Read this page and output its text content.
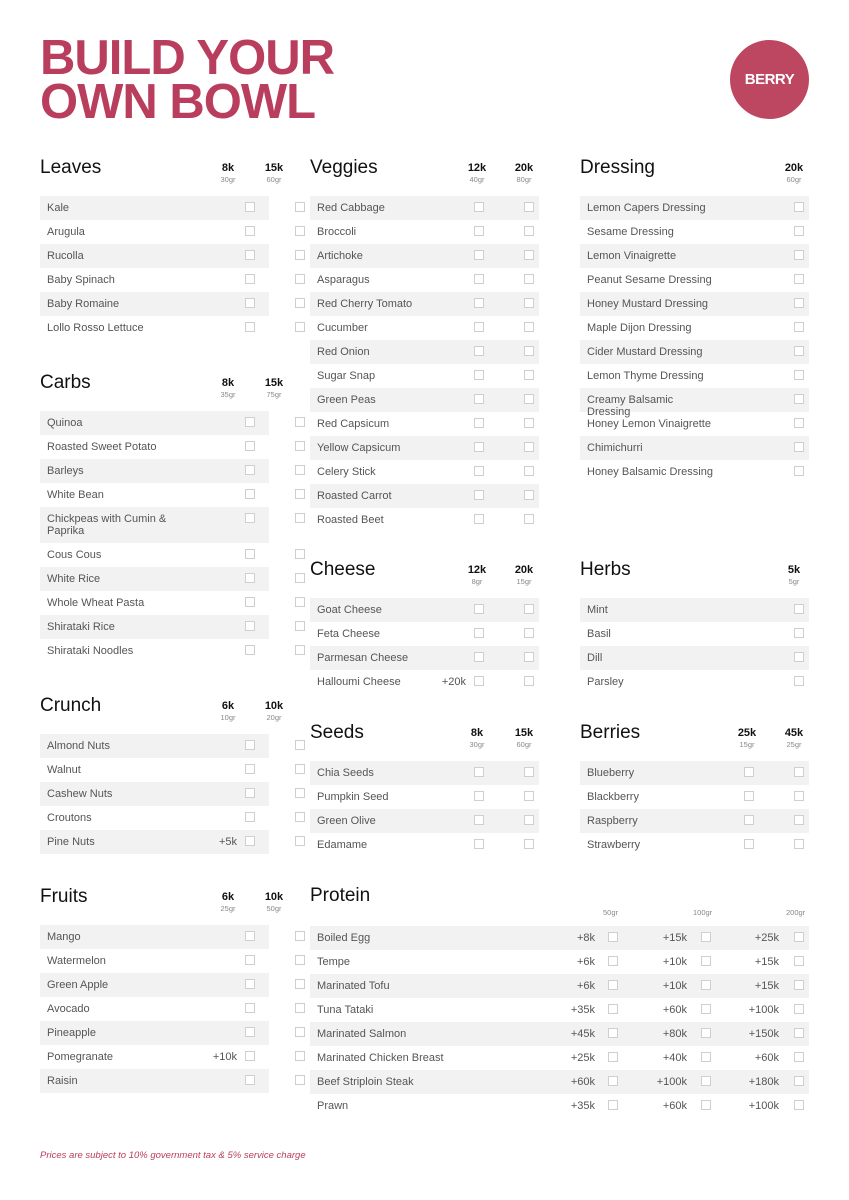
BUILD YOUR
OWN BOWL	BERRY
Leaves	8k
30gr
15k
60gr
Kale
Arugula
Rucolla
Baby Spinach
Baby Romaine
Lollo Rosso Lettuce
Carbs	8k
35gr
15k
75gr
Quinoa
Roasted Sweet Potato
Barleys
White Bean
Chickpeas with Cumin & Paprika
Cous Cous
White Rice
Whole Wheat Pasta
Shirataki Rice
Shirataki Noodles
Crunch	6k
10gr
10k
20gr
Almond Nuts
Walnut
Cashew Nuts
Croutons
Pine Nuts	+5k
Fruits	6k
25gr
10k
50gr
Mango
Watermelon
Green Apple
Avocado
Pineapple
Pomegranate	+10k
Raisin
Veggies	12k
40gr
20k
80gr
Red Cabbage
Broccoli
Artichoke
Asparagus
Red Cherry Tomato
Cucumber
Red Onion
Sugar Snap
Green Peas
Red Capsicum
Yellow Capsicum
Celery Stick
Roasted Carrot
Roasted Beet
Cheese	12k
8gr
20k
15gr
Goat Cheese
Feta Cheese
Parmesan Cheese
Halloumi Cheese	+20k
Seeds	8k
30gr
15k
60gr
Chia Seeds
Pumpkin Seed
Green Olive
Edamame
Dressing	20k
60gr
Lemon Capers Dressing
Sesame Dressing
Lemon Vinaigrette
Peanut Sesame Dressing
Honey Mustard Dressing
Maple Dijon Dressing
Cider Mustard Dressing
Lemon Thyme Dressing
Creamy Balsamic Dressing
Honey Lemon Vinaigrette
Chimichurri
Honey Balsamic Dressing
Herbs	5k
5gr
Mint
Basil
Dill
Parsley
Berries	25k
15gr
45k
25gr
Blueberry
Blackberry
Raspberry
Strawberry
Protein
50gr	100gr	200gr
Boiled Egg	+8k	+15k	+25k
Tempe	+6k	+10k	+15k
Marinated Tofu	+6k	+10k	+15k
Tuna Tataki	+35k	+60k	+100k
Marinated Salmon	+45k	+80k	+150k
Marinated Chicken Breast	+25k	+40k	+60k
Beef Striploin Steak	+60k	+100k	+180k
Prawn	+35k	+60k	+100k
Prices are subject to 10% government tax & 5% service charge
